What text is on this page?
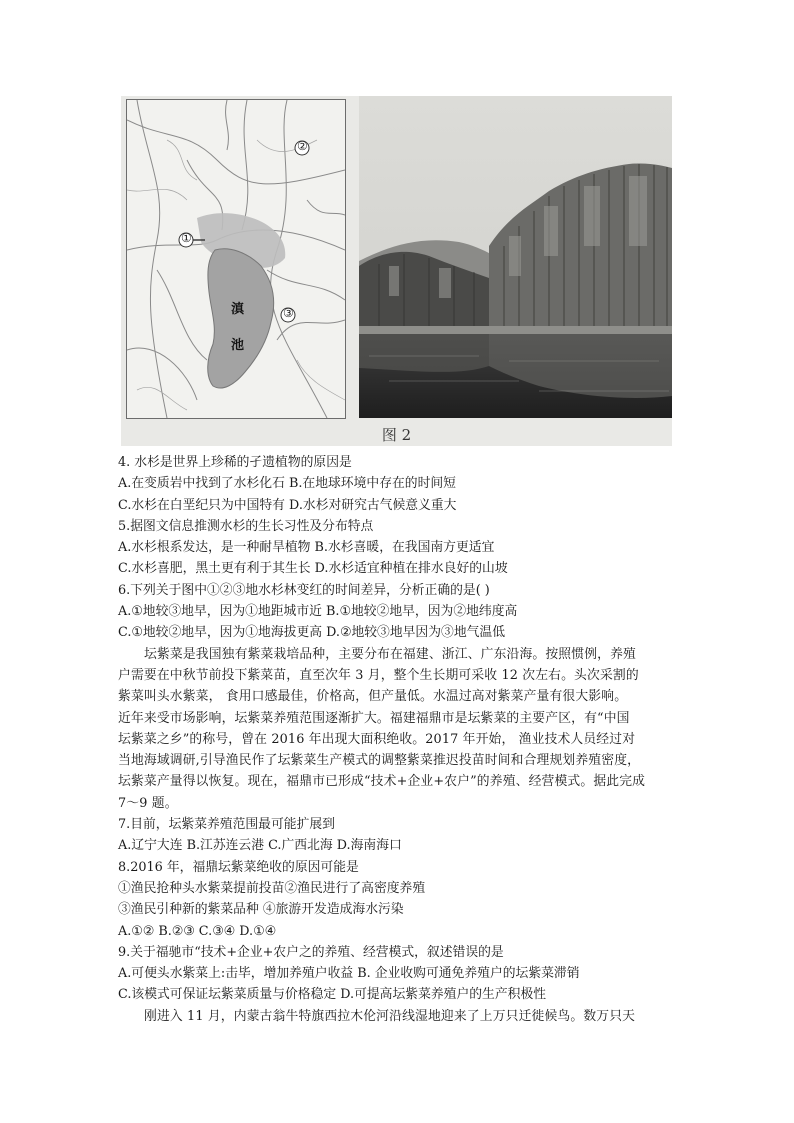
①
②
③
滇
池
图 2
4. 水杉是世界上珍稀的孑遗植物的原因是
A.在变质岩中找到了水杉化石 B.在地球环境中存在的时间短
C.水杉在白垩纪只为中国特有 D.水杉对研究古气候意义重大
5.据图文信息推测水杉的生长习性及分布特点
A.水杉根系发达，是一种耐旱植物 B.水杉喜暖，在我国南方更适宜
C.水杉喜肥，黑土更有利于其生长 D.水杉适宜种植在排水良好的山坡
6.下列关于图中①②③地水杉林变红的时间差异，分析正确的是( )
A.①地较③地早，因为①地距城市近 B.①地较②地早，因为②地纬度高
C.①地较②地早，因为①地海拔更高 D.②地较③地早因为③地气温低
坛紫菜是我国独有紫菜栽培品种，主要分布在福建、浙江、广东沿海。按照惯例，养殖
户需要在中秋节前投下紫菜苗，直至次年 3 月，整个生长期可采收 12 次左右。头次采割的
紫菜叫头水紫菜， 食用口感最佳，价格高，但产量低。水温过高对紫菜产量有很大影响。
近年来受市场影响，坛紫菜养殖范围逐渐扩大。福建福鼎市是坛紫菜的主要产区，有“中国
坛紫菜之乡”的称号，曾在 2016 年出现大面积绝收。2017 年开始， 渔业技术人员经过对
当地海域调研,引导渔民作了坛紫菜生产模式的调整紫菜推迟投苗时间和合理规划养殖密度，
坛紫菜产量得以恢复。现在，福鼎市已形成“技术+企业+农户”的养殖、经营模式。据此完成
7～9 题。
7.目前，坛紫菜养殖范围最可能扩展到
A.辽宁大连 B.江苏连云港 C.广西北海 D.海南海口
8.2016 年，福鼎坛紫菜绝收的原因可能是
①渔民抢种头水紫菜提前投苗②渔民进行了高密度养殖
③渔民引种新的紫菜品种 ④旅游开发造成海水污染
A.①② B.②③ C.③④ D.①④
9.关于福驰市“技术+企业+农户之的养殖、经营模式，叙述错误的是
A.可便头水紫菜上:击毕，增加养殖户收益 B. 企业收购可通免养殖户的坛紫菜滞销
C.该模式可保证坛紫菜质量与价格稳定 D.可提高坛紫菜养殖户的生产积极性
刚进入 11 月，内蒙古翁牛特旗西拉木伦河沿线湿地迎来了上万只迁徙候鸟。数万只天
